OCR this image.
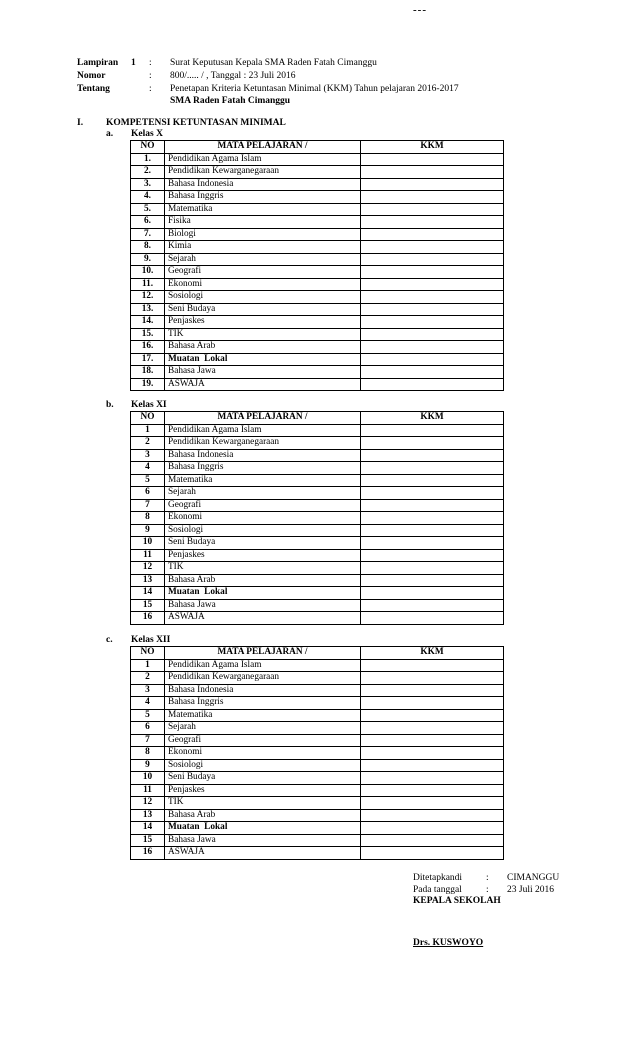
---
Lampiran 1 : Surat Keputusan Kepala SMA Raden Fatah Cimanggu
Nomor	: 800/..... / , Tanggal : 23 Juli 2016
Tentang	: Penetapan Kriteria Ketuntasan Minimal (KKM) Tahun pelajaran 2016-2017
SMA Raden Fatah Cimanggu
I. KOMPETENSI KETUNTASAN MINIMAL
a. Kelas X
NO	MATA PELAJARAN /	KKM
1.	Pendidikan Agama Islam	
2.	Pendidikan Kewarganegaraan	
3.	Bahasa Indonesia	
4.	Bahasa Inggris	
5.	Matematika	
6.	Fisika	
7.	Biologi	
8.	Kimia	
9.	Sejarah	
10.	Geografi	
11.	Ekonomi	
12.	Sosiologi	
13.	Seni Budaya	
14.	Penjaskes	
15.	TIK	
16.	Bahasa Arab	
17.	Muatan  Lokal	
18.	Bahasa Jawa	
19.	ASWAJA	
b. Kelas XI
NO	MATA PELAJARAN /	KKM
1	Pendidikan Agama Islam	
2	Pendidikan Kewarganegaraan	
3	Bahasa Indonesia	
4	Bahasa Inggris	
5	Matematika	
6	Sejarah	
7	Geografi	
8	Ekonomi	
9	Sosiologi	
10	Seni Budaya	
11	Penjaskes	
12	TIK	
13	Bahasa Arab	
14	Muatan  Lokal	
15	Bahasa Jawa	
16	ASWAJA	
c. Kelas XII
NO	MATA PELAJARAN /	KKM
1	Pendidikan Agama Islam	
2	Pendidikan Kewarganegaraan	
3	Bahasa Indonesia	
4	Bahasa Inggris	
5	Matematika	
6	Sejarah	
7	Geografi	
8	Ekonomi	
9	Sosiologi	
10	Seni Budaya	
11	Penjaskes	
12	TIK	
13	Bahasa Arab	
14	Muatan  Lokal	
15	Bahasa Jawa	
16	ASWAJA	
Ditetapkandi	: CIMANGGU
Pada tanggal	: 23 Juli 2016
KEPALA SEKOLAH
Drs. KUSWOYO
